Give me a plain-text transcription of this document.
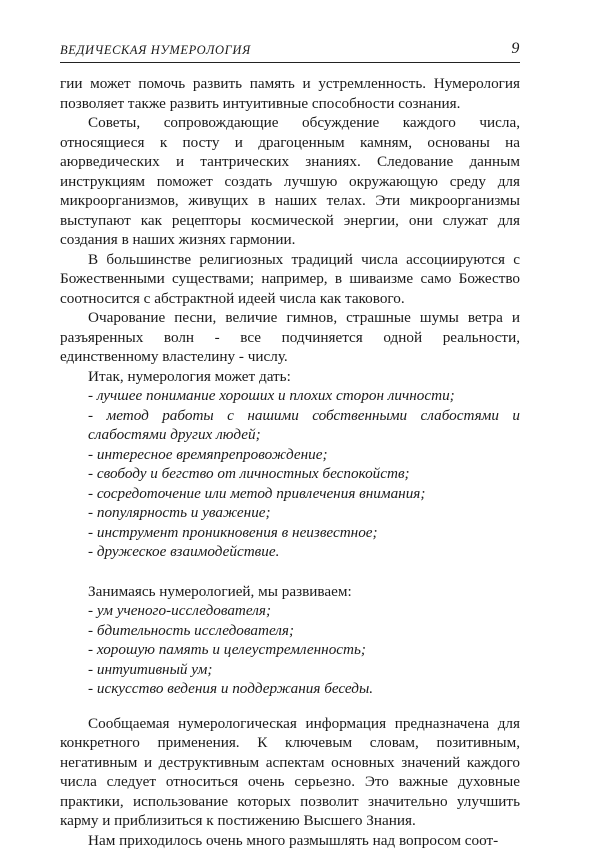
ВЕДИЧЕСКАЯ НУМЕРОЛОГИЯ	9

гии может помочь развить память и устремленность. Нумерология позволяет также развить интуитивные способности сознания.

Советы, сопровождающие обсуждение каждого числа, относящиеся к посту и драгоценным камням, основаны на аюрведических и тантрических знаниях. Следование данным инструкциям поможет создать лучшую окружающую среду для микроорганизмов, живущих в наших телах. Эти микроорганизмы выступают как рецепторы космической энергии, они служат для создания в наших жизнях гармонии.

В большинстве религиозных традиций числа ассоциируются с Божественными существами; например, в шиваизме само Божество соотносится с абстрактной идеей числа как такового.

Очарование песни, величие гимнов, страшные шумы ветра и разъяренных волн - все подчиняется одной реальности, единственному властелину - числу.

Итак, нумерология может дать:

- лучшее понимание хороших и плохих сторон личности;
- метод работы с нашими собственными слабостями и слабостями других людей;
- интересное времяпрепровождение;
- свободу и бегство от личностных беспокойств;
- сосредоточение или метод привлечения внимания;
- популярность и уважение;
- инструмент проникновения в неизвестное;
- дружеское взаимодействие.

Занимаясь нумерологией, мы развиваем:

- ум ученого-исследователя;
- бдительность исследователя;
- хорошую память и целеустремленность;
- интуитивный ум;
- искусство ведения и поддержания беседы.

Сообщаемая нумерологическая информация предназначена для конкретного применения. К ключевым словам, позитивным, негативным и деструктивным аспектам основных значений каждого числа следует относиться очень серьезно. Это важные духовные практики, использование которых позволит значительно улучшить карму и приблизиться к постижению Высшего Знания.

Нам приходилось очень много размышлять над вопросом соот-
